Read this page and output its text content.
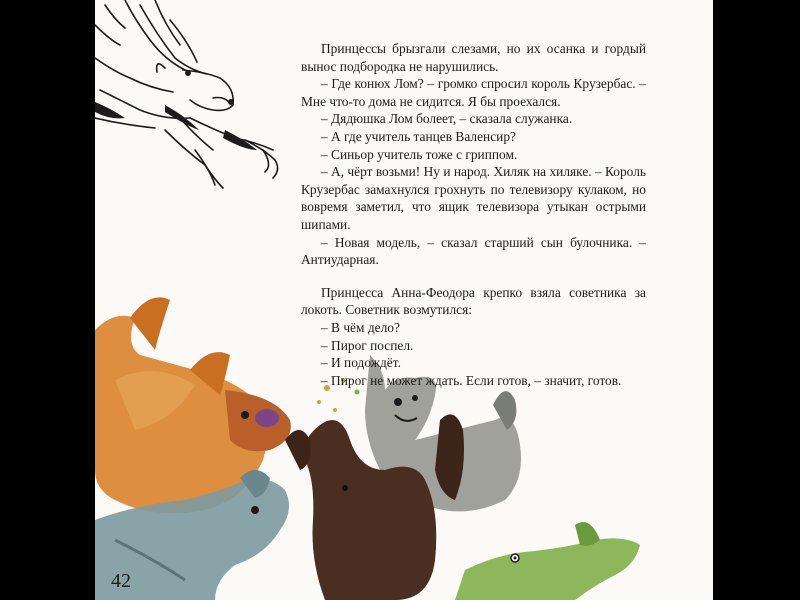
Принцессы брызгали слезами, но их осанка и гордый вынос подбородка не нарушились.

– Где конюх Лом? – громко спросил король Крузербас. – Мне что-то дома не сидится. Я бы проехался.

– Дядюшка Лом болеет, – сказала служанка.

– А где учитель танцев Валенсир?

– Синьор учитель тоже с гриппом.

– А, чёрт возьми! Ну и народ. Хиляк на хиляке. – Король Крузербас замахнулся грохнуть по телевизору кулаком, но вовремя заметил, что ящик телевизора утыкан острыми шипами.

– Новая модель, – сказал старший сын булочника. – Антиударная.

Принцесса Анна-Феодора крепко взяла советника за локоть. Советник возмутился:

– В чём дело?

– Пирог поспел.

– И подождёт.

– Пирог не может ждать. Если готов, – значит, готов.

42
